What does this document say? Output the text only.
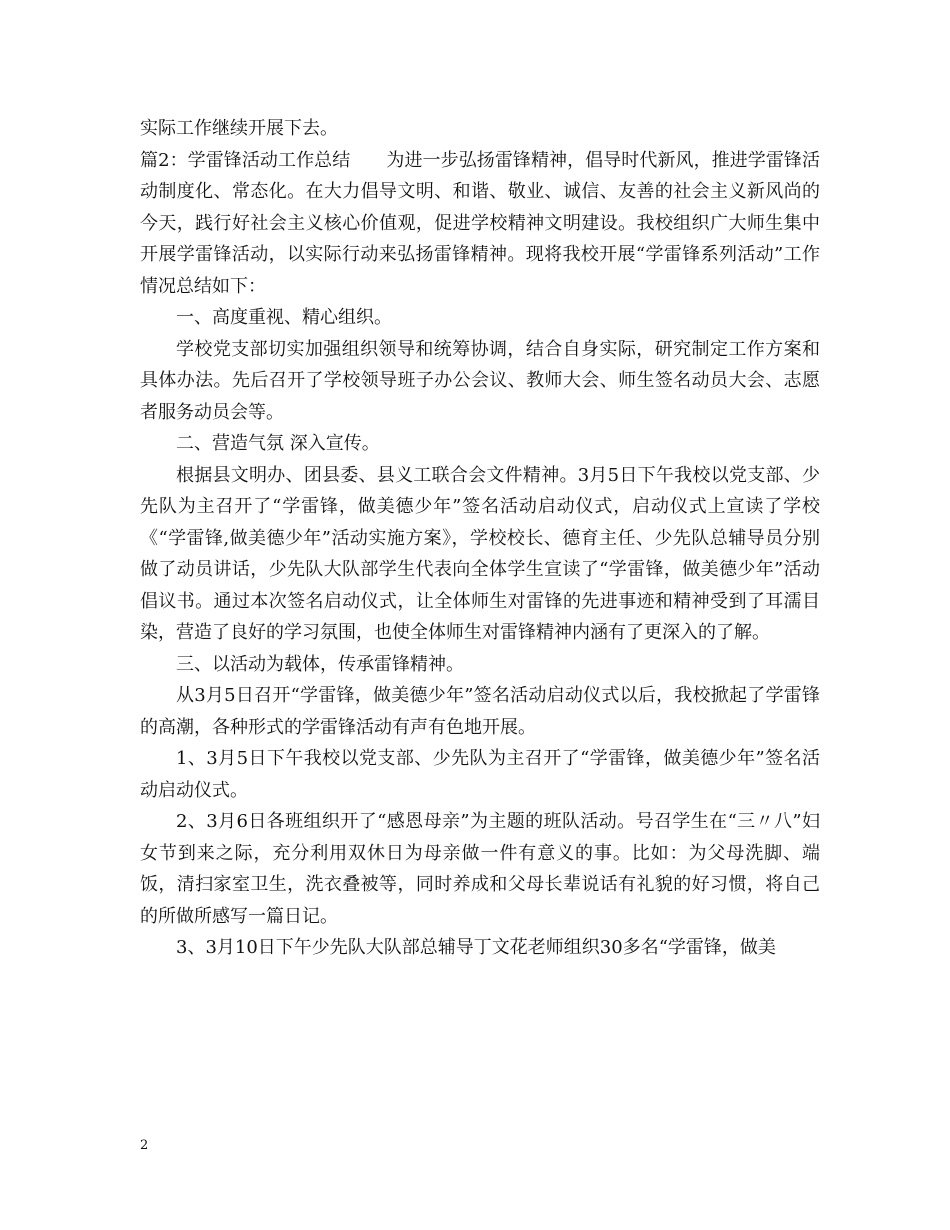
实际工作继续开展下去。

篇2：学雷锋活动工作总结　　为进一步弘扬雷锋精神，倡导时代新风，推进学雷锋活动制度化、常态化。在大力倡导文明、和谐、敬业、诚信、友善的社会主义新风尚的今天，践行好社会主义核心价值观，促进学校精神文明建设。我校组织广大师生集中开展学雷锋活动，以实际行动来弘扬雷锋精神。现将我校开展“学雷锋系列活动”工作情况总结如下：

一、高度重视、精心组织。

学校党支部切实加强组织领导和统筹协调，结合自身实际，研究制定工作方案和具体办法。先后召开了学校领导班子办公会议、教师大会、师生签名动员大会、志愿者服务动员会等。

二、营造气氛 深入宣传。

根据县文明办、团县委、县义工联合会文件精神。3月5日下午我校以党支部、少先队为主召开了“学雷锋，做美德少年”签名活动启动仪式，启动仪式上宣读了学校《“学雷锋,做美德少年”活动实施方案》，学校校长、德育主任、少先队总辅导员分别做了动员讲话，少先队大队部学生代表向全体学生宣读了“学雷锋，做美德少年”活动倡议书。通过本次签名启动仪式，让全体师生对雷锋的先进事迹和精神受到了耳濡目染，营造了良好的学习氛围，也使全体师生对雷锋精神内涵有了更深入的了解。

三、以活动为载体，传承雷锋精神。

从3月5日召开“学雷锋，做美德少年”签名活动启动仪式以后，我校掀起了学雷锋的高潮，各种形式的学雷锋活动有声有色地开展。

1、3月5日下午我校以党支部、少先队为主召开了“学雷锋，做美德少年”签名活动启动仪式。

2、3月6日各班组织开了“感恩母亲”为主题的班队活动。号召学生在“三〃八”妇女节到来之际，充分利用双休日为母亲做一件有意义的事。比如：为父母洗脚、端饭，清扫家室卫生，洗衣叠被等，同时养成和父母长辈说话有礼貌的好习惯，将自己的所做所感写一篇日记。

3、3月10日下午少先队大队部总辅导丁文花老师组织30多名“学雷锋，做美

2
